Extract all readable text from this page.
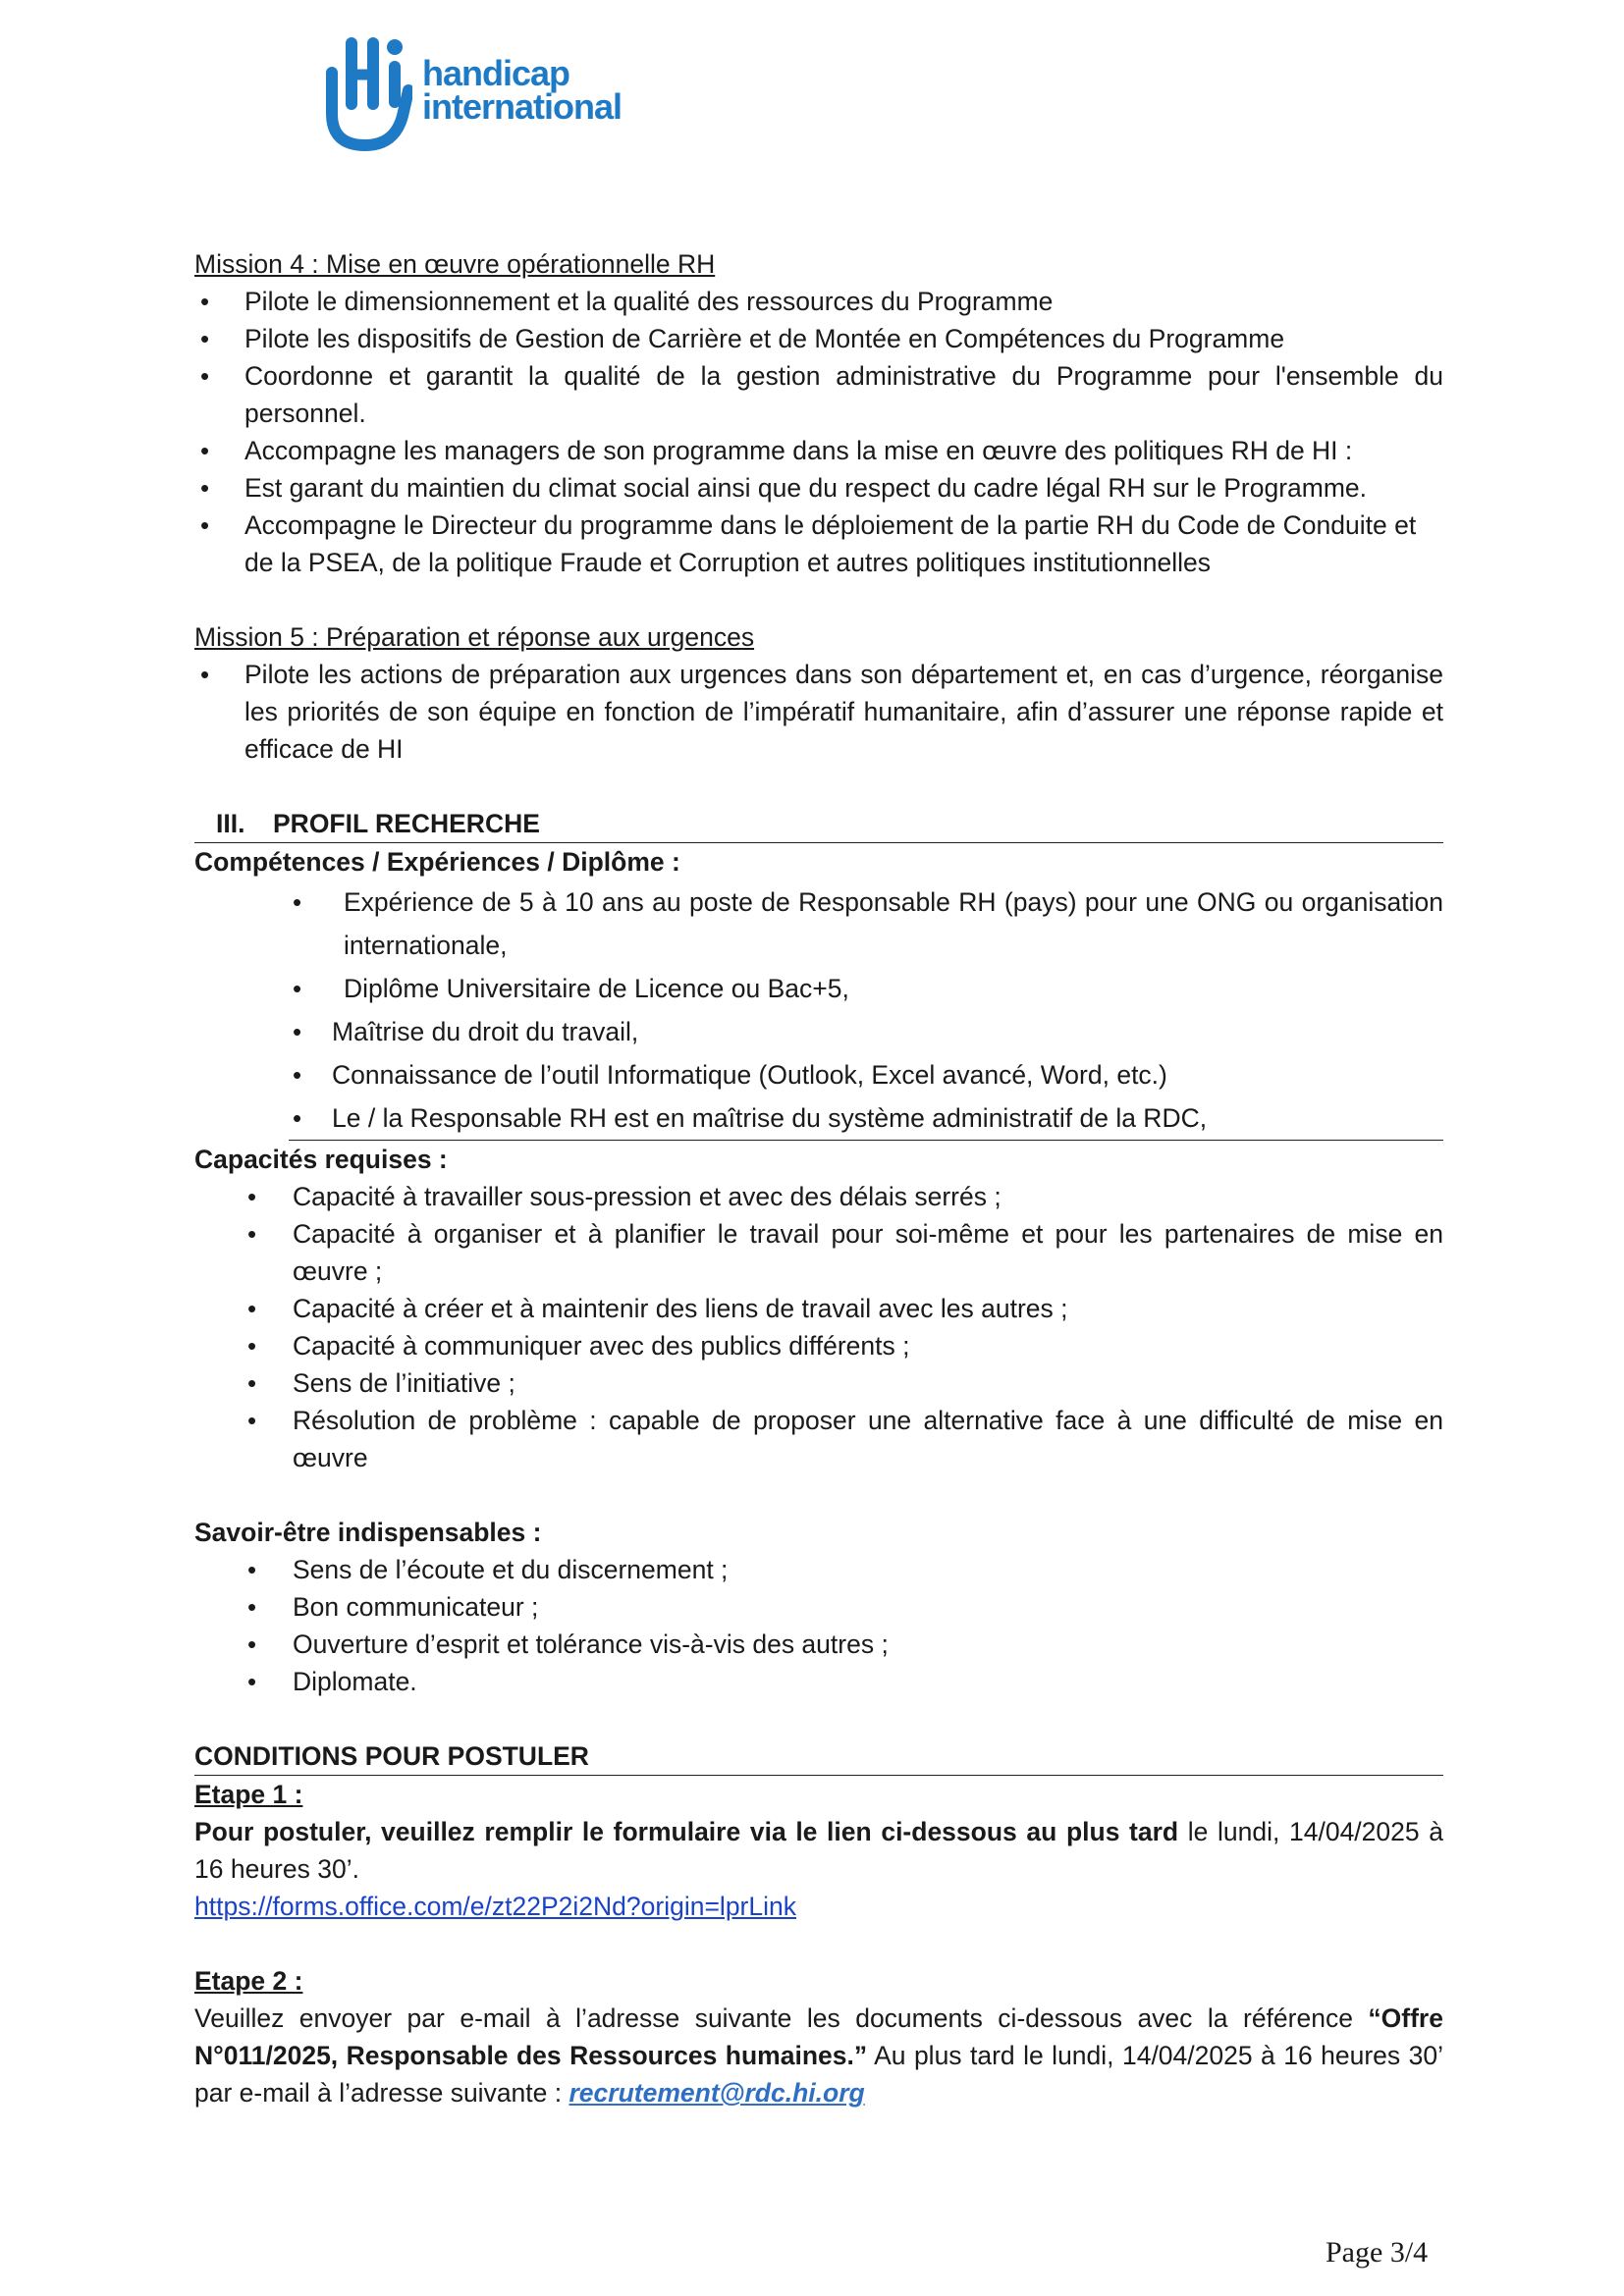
handicap
international
Mission 4 : Mise en œuvre opérationnelle RH
• Pilote le dimensionnement et la qualité des ressources du Programme
• Pilote les dispositifs de Gestion de Carrière et de Montée en Compétences du Programme
• Coordonne et garantit la qualité de la gestion administrative du Programme pour l'ensemble du personnel.
• Accompagne les managers de son programme dans la mise en œuvre des politiques RH de HI :
• Est garant du maintien du climat social ainsi que du respect du cadre légal RH sur le Programme.
• Accompagne le Directeur du programme dans le déploiement de la partie RH du Code de Conduite et de la PSEA, de la politique Fraude et Corruption et autres politiques institutionnelles
Mission 5 : Préparation et réponse aux urgences
• Pilote les actions de préparation aux urgences dans son département et, en cas d’urgence, réorganise les priorités de son équipe en fonction de l’impératif humanitaire, afin d’assurer une réponse rapide et efficace de HI
III.	PROFIL RECHERCHE
Compétences / Expériences / Diplôme :
• Expérience de 5 à 10 ans au poste de Responsable RH (pays) pour une ONG ou organisation internationale,
• Diplôme Universitaire de Licence ou Bac+5,
• Maîtrise du droit du travail,
• Connaissance de l’outil Informatique (Outlook, Excel avancé, Word, etc.)
• Le / la Responsable RH est en maîtrise du système administratif de la RDC,
Capacités requises :
• Capacité à travailler sous-pression et avec des délais serrés ;
• Capacité à organiser et à planifier le travail pour soi-même et pour les partenaires de mise en œuvre ;
• Capacité à créer et à maintenir des liens de travail avec les autres ;
• Capacité à communiquer avec des publics différents ;
• Sens de l’initiative ;
• Résolution de problème : capable de proposer une alternative face à une difficulté de mise en œuvre
Savoir-être indispensables :
• Sens de l’écoute et du discernement ;
• Bon communicateur ;
• Ouverture d’esprit et tolérance vis-à-vis des autres ;
• Diplomate.
CONDITIONS POUR POSTULER
Etape 1 :
Pour postuler, veuillez remplir le formulaire via le lien ci-dessous au plus tard le lundi, 14/04/2025 à 16 heures 30’.
https://forms.office.com/e/zt22P2i2Nd?origin=lprLink
Etape 2 :
Veuillez envoyer par e-mail à l’adresse suivante les documents ci-dessous avec la référence “Offre N°011/2025, Responsable des Ressources humaines.” Au plus tard le lundi, 14/04/2025 à 16 heures 30’ par e-mail à l’adresse suivante : recrutement@rdc.hi.org
Page 3/4
